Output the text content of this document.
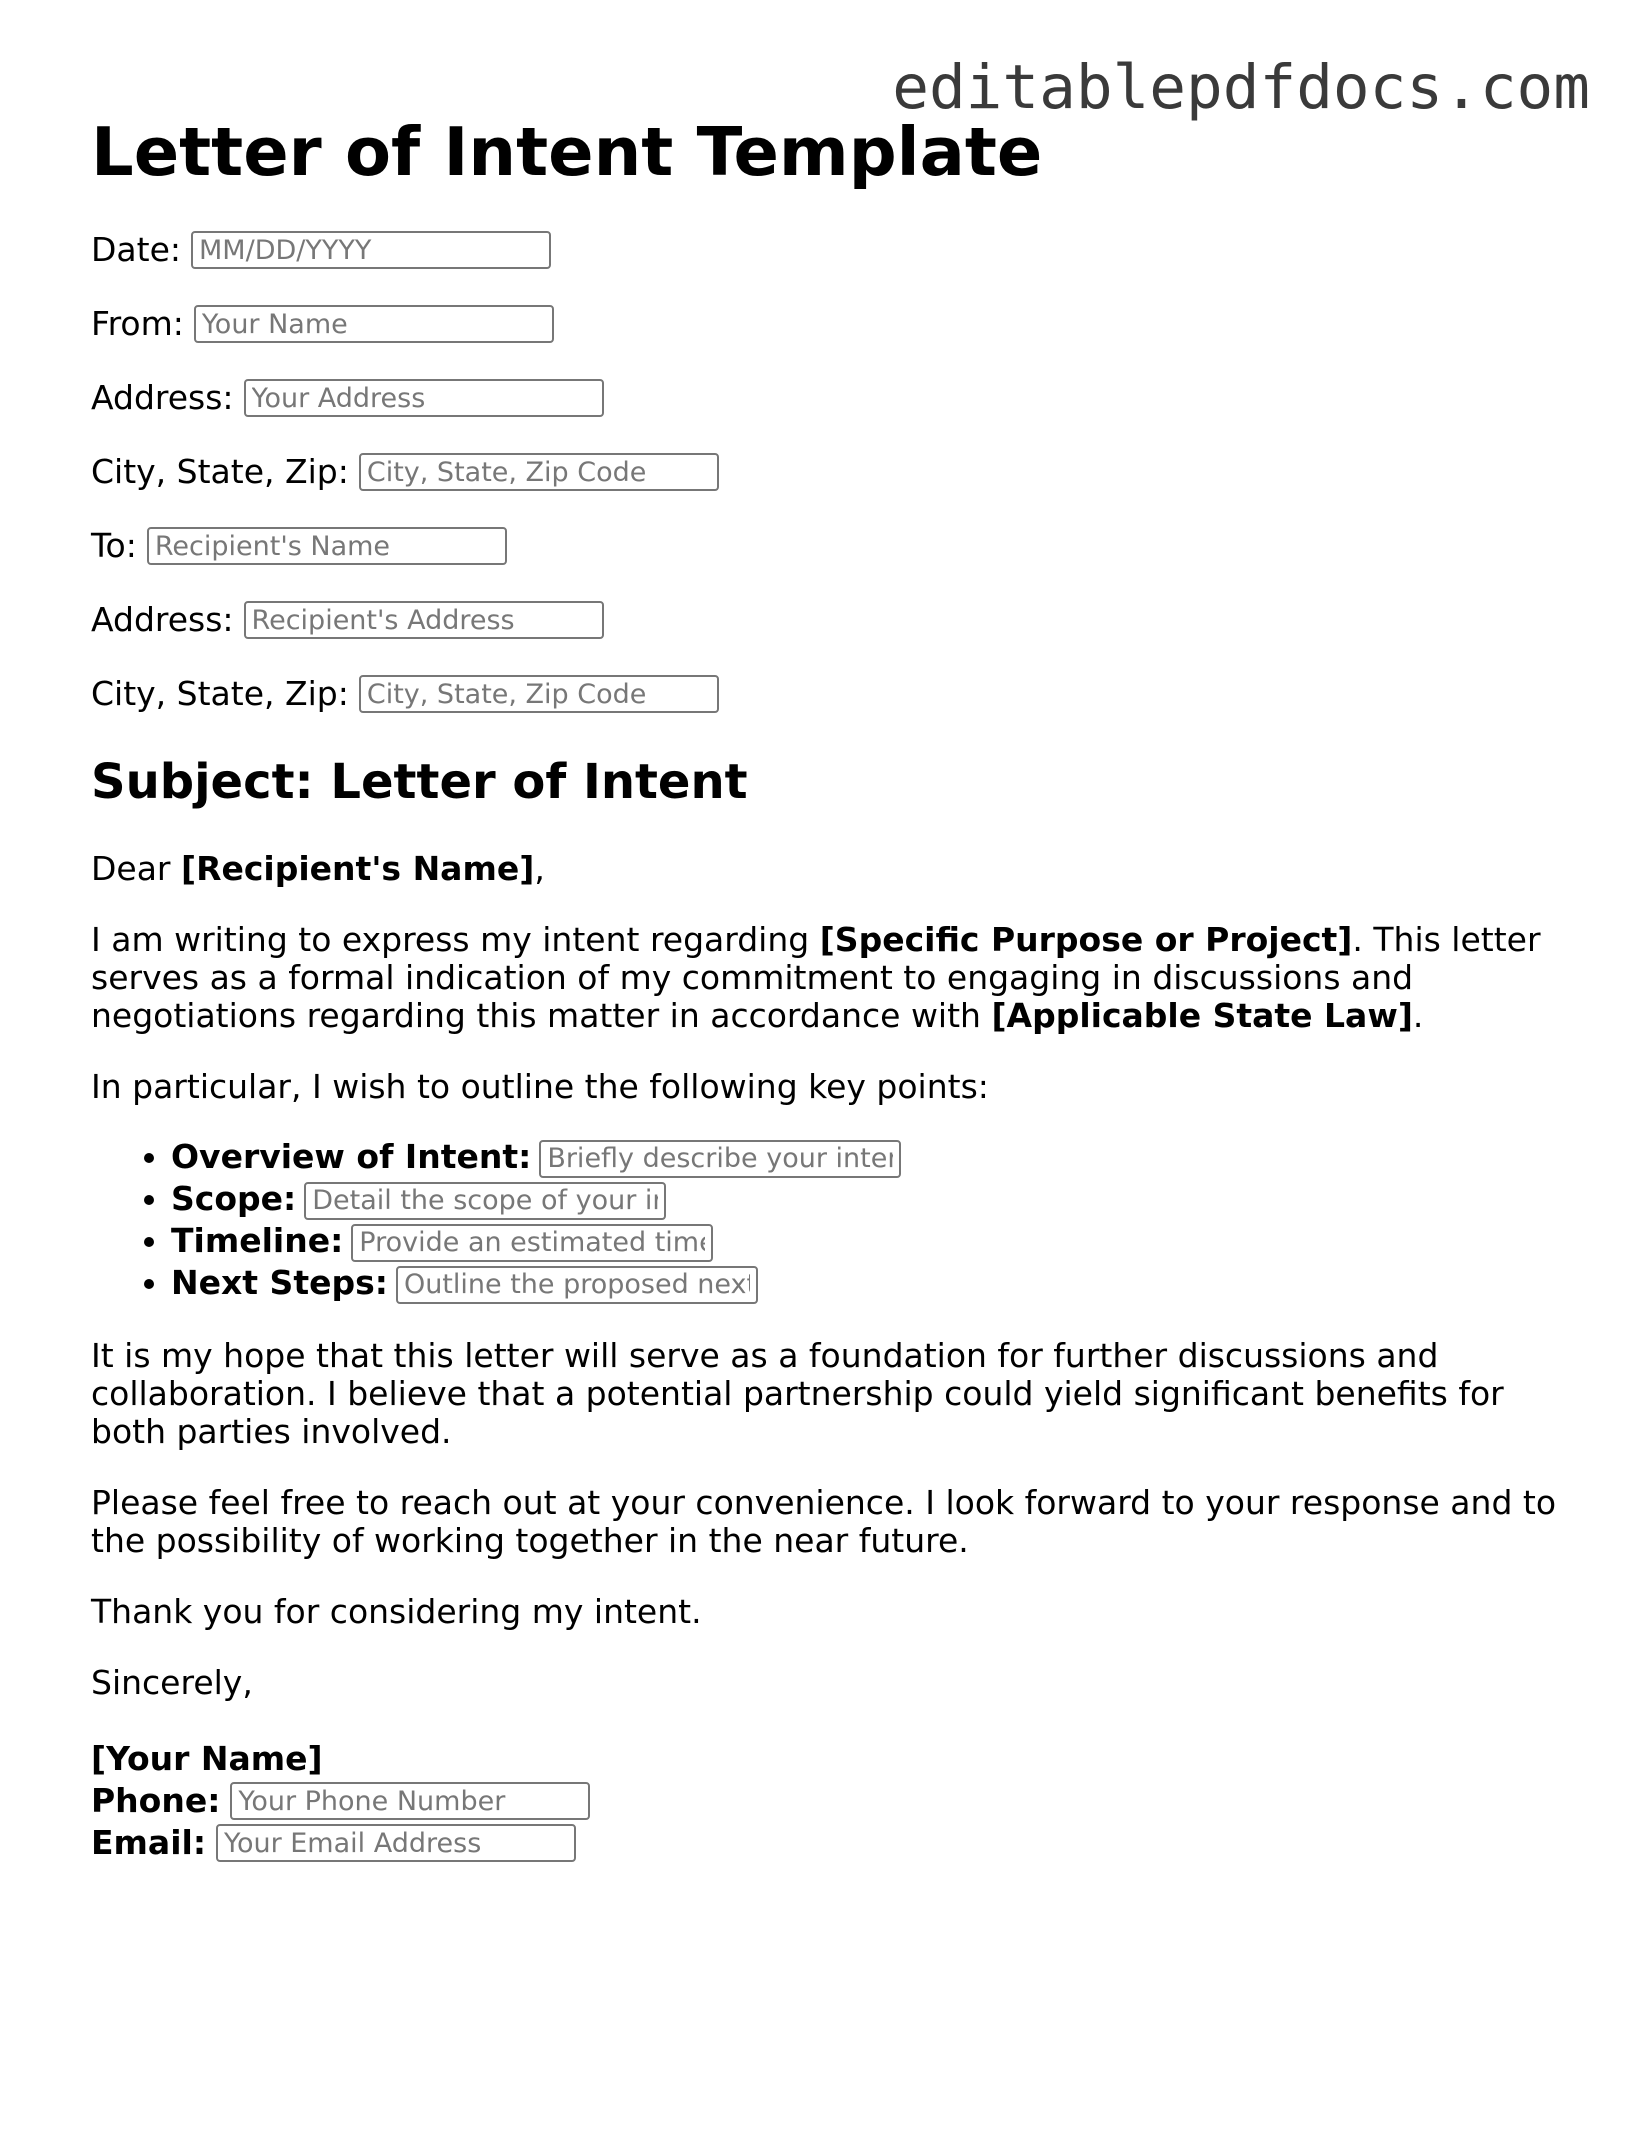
editablepdfdocs.com
Letter of Intent Template
Date:
MM/DD/YYYY
From:
Your Name
Address:
Your Address
City, State, Zip:
City, State, Zip Code
To:
Recipient's Name
Address:
Recipient's Address
City, State, Zip:
City, State, Zip Code
Subject: Letter of Intent

Dear [Recipient's Name],

I am writing to express my intent regarding [Specific Purpose or Project]. This letter serves as a formal indication of my commitment to engaging in discussions and negotiations regarding this matter in accordance with [Applicable State Law].

In particular, I wish to outline the following key points:

• Overview of Intent:Briefly describe your intent
• Scope:Detail the scope of your intent
• Timeline:Provide an estimated timeline
• Next Steps:Outline the proposed next steps

It is my hope that this letter will serve as a foundation for further discussions and collaboration. I believe that a potential partnership could yield significant benefits for both parties involved.

Please feel free to reach out at your convenience. I look forward to your response and to the possibility of working together in the near future.

Thank you for considering my intent.

Sincerely,

[Your Name]
Phone:
Your Phone Number
Email:
Your Email Address
